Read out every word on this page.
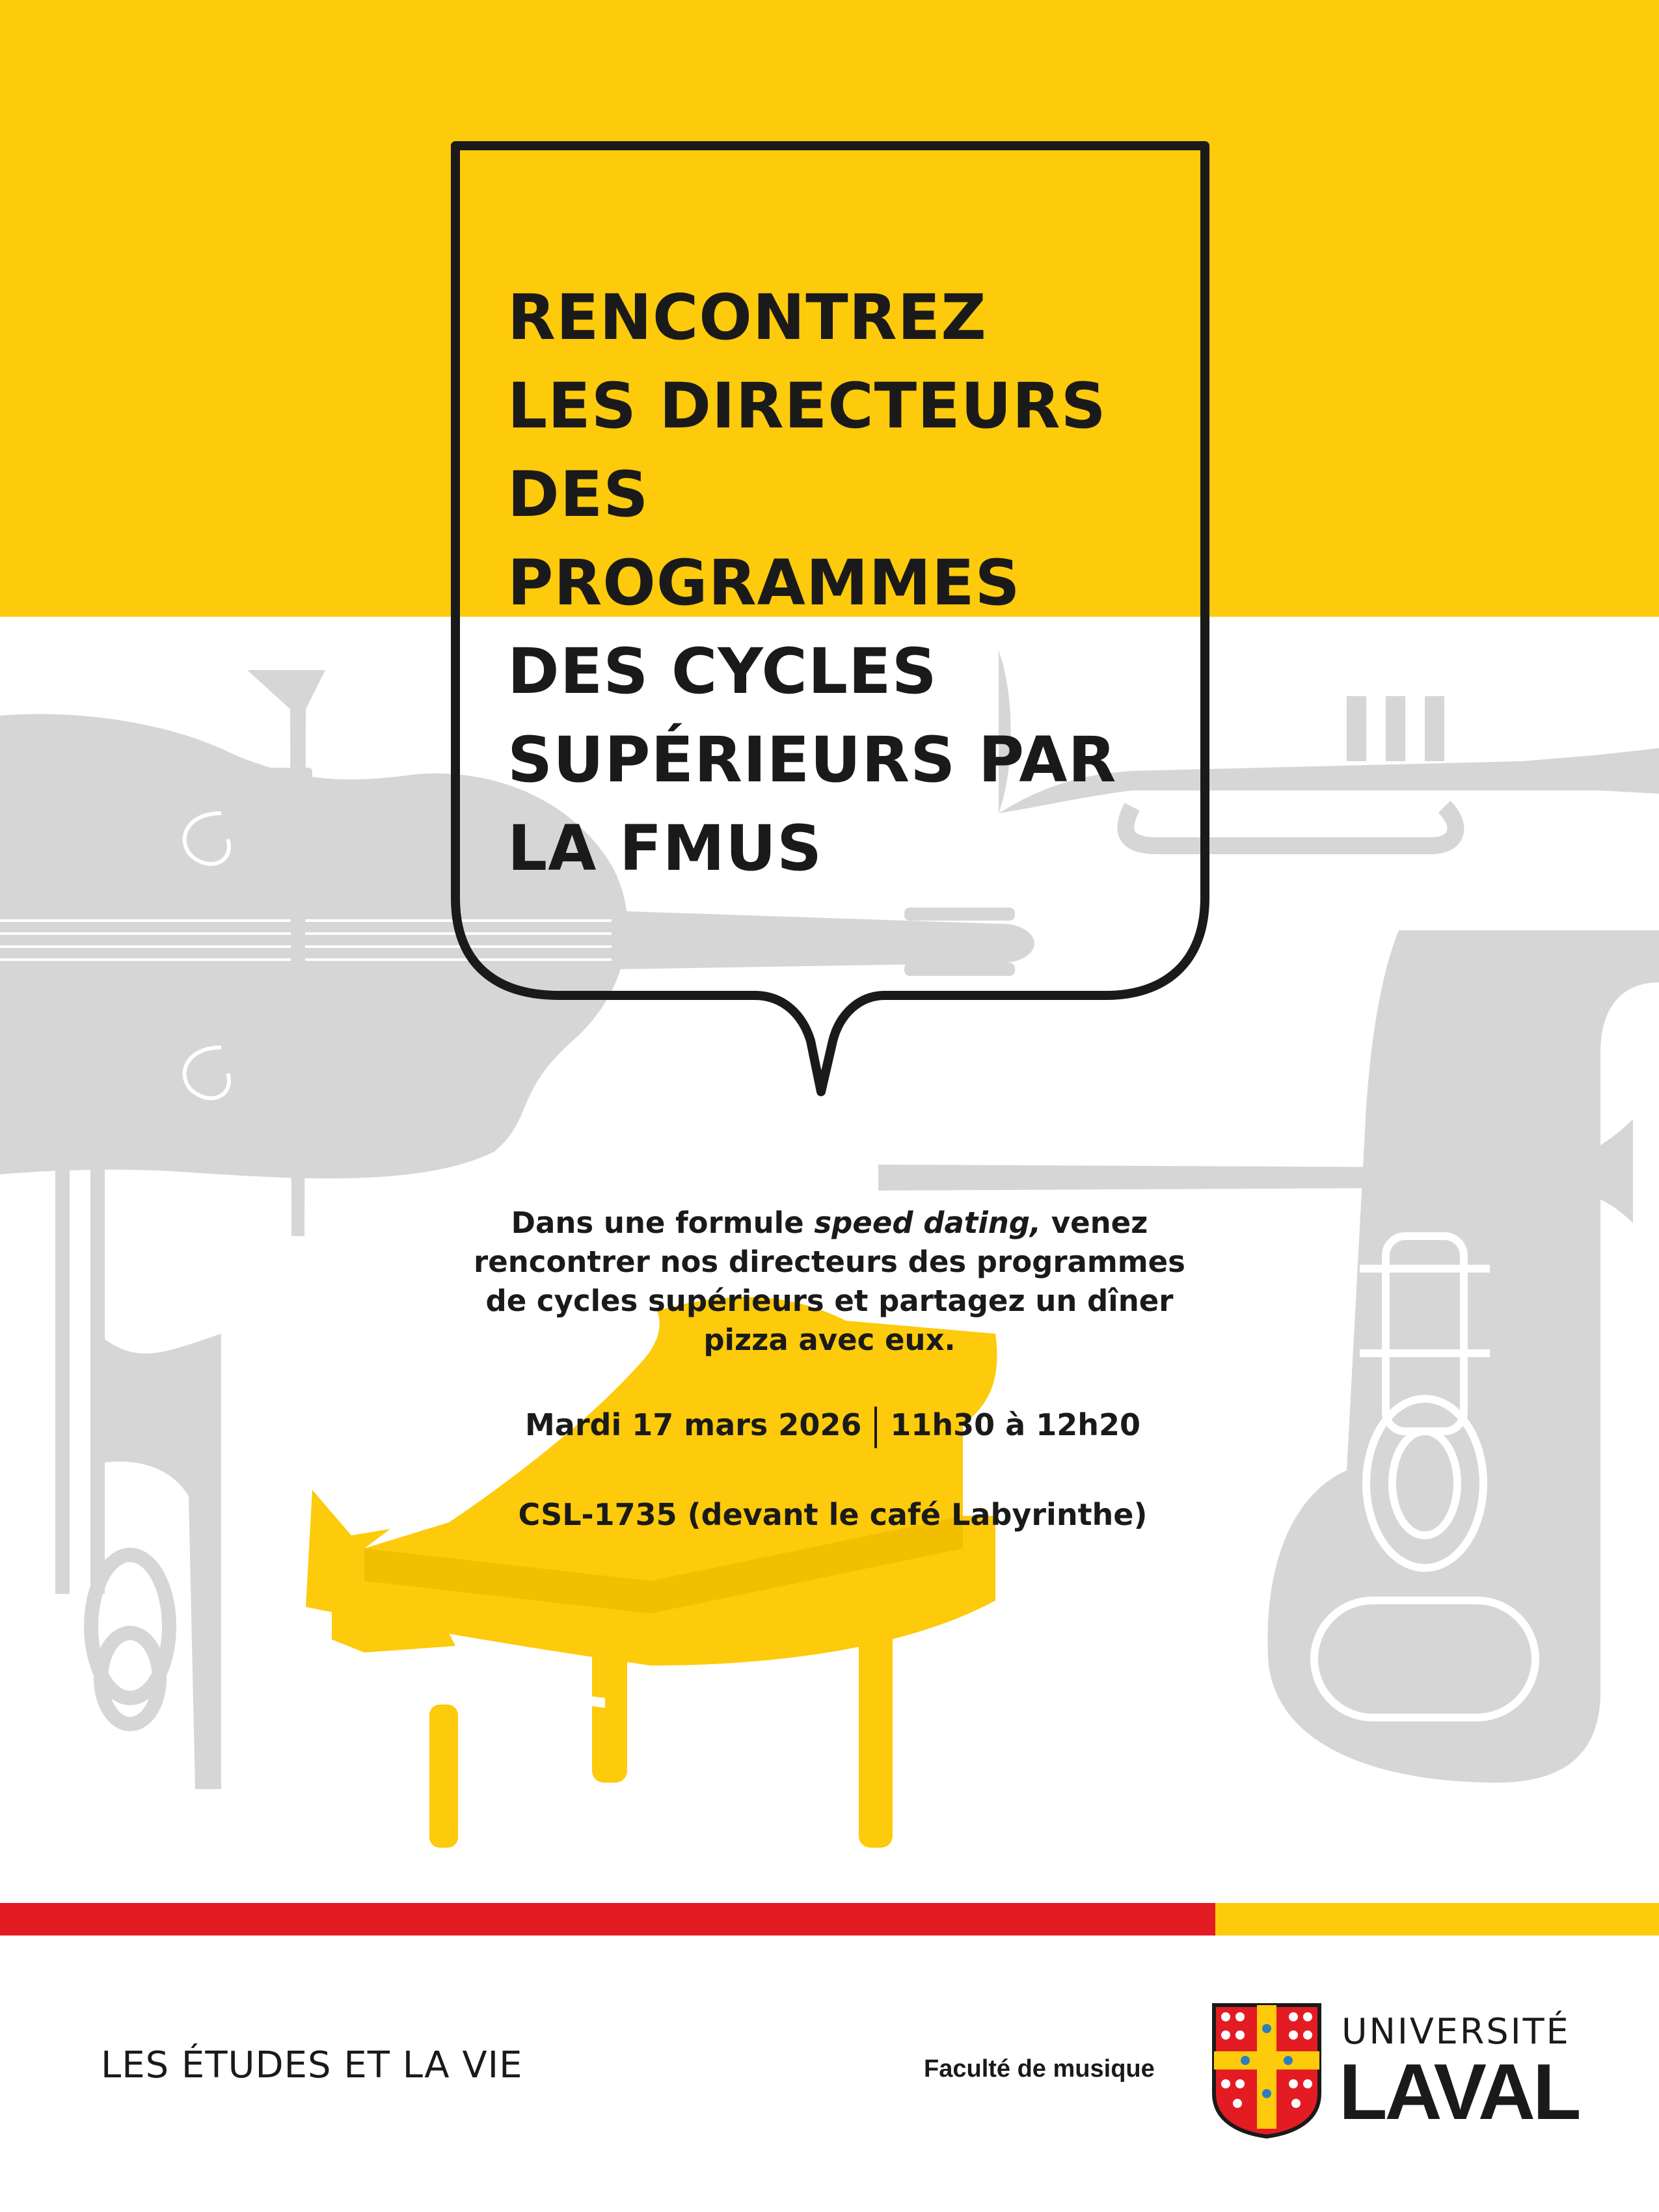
RENCONTREZ
LES DIRECTEURS
DES
PROGRAMMES
DES CYCLES
SUPÉRIEURS PAR
LA FMUS

Dans une formule speed dating, venez rencontrer nos directeurs des programmes de cycles supérieurs et partagez un dîner pizza avec eux.

Mardi 17 mars 2026 11h30 à 12h20
CSL-1735 (devant le café Labyrinthe)
LES ÉTUDES ET LA VIE	Faculté de musique
UNIVERSITÉ
LAVAL
